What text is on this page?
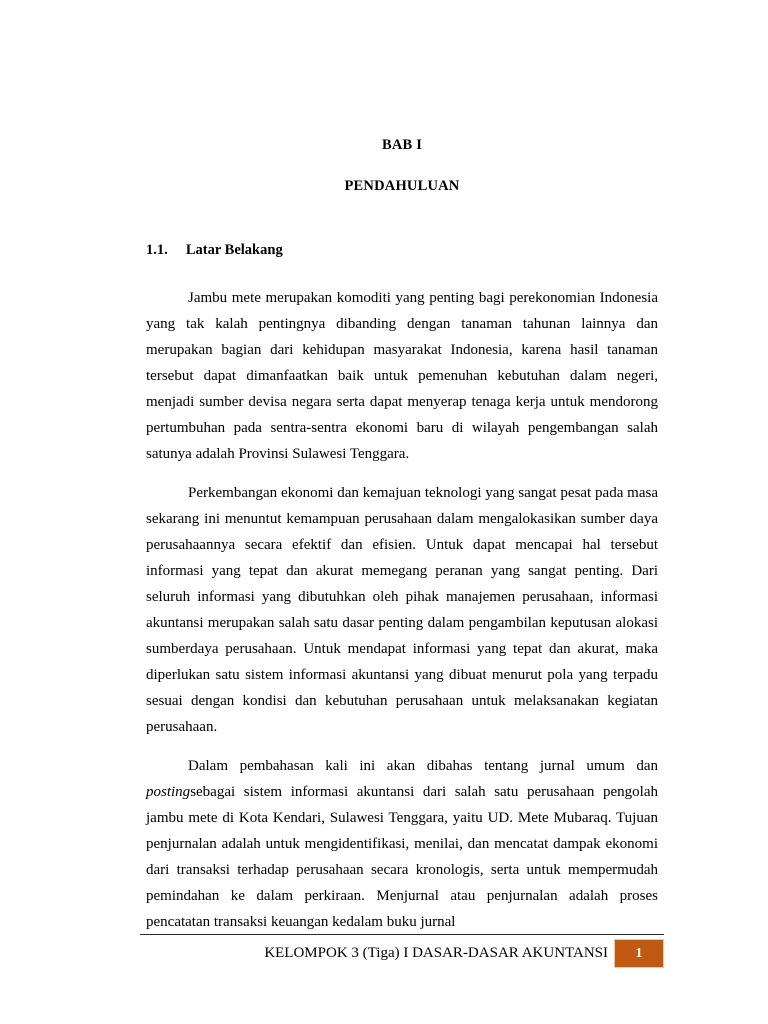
BAB I
PENDAHULUAN
1.1.     Latar Belakang

Jambu mete merupakan komoditi yang penting bagi perekonomian Indonesia yang tak kalah pentingnya dibanding dengan tanaman tahunan lainnya dan merupakan bagian dari kehidupan masyarakat Indonesia, karena hasil tanaman tersebut dapat dimanfaatkan baik untuk pemenuhan kebutuhan dalam negeri, menjadi sumber devisa negara serta dapat menyerap tenaga kerja untuk mendorong pertumbuhan pada sentra-sentra ekonomi baru di wilayah pengembangan salah satunya adalah Provinsi Sulawesi Tenggara.

Perkembangan ekonomi dan kemajuan teknologi yang sangat pesat pada masa sekarang ini menuntut kemampuan perusahaan dalam mengalokasikan sumber daya perusahaannya secara efektif dan efisien. Untuk dapat mencapai hal tersebut informasi yang tepat dan akurat memegang peranan yang sangat penting. Dari seluruh informasi yang dibutuhkan oleh pihak manajemen perusahaan, informasi akuntansi merupakan salah satu dasar penting dalam pengambilan keputusan alokasi sumberdaya perusahaan. Untuk mendapat informasi yang tepat dan akurat, maka diperlukan satu sistem informasi akuntansi yang dibuat menurut pola yang terpadu sesuai dengan kondisi dan kebutuhan perusahaan untuk melaksanakan kegiatan perusahaan.

Dalam pembahasan kali ini akan dibahas tentang jurnal umum dan postingsebagai sistem informasi akuntansi dari salah satu perusahaan pengolah jambu mete di Kota Kendari, Sulawesi Tenggara, yaitu UD. Mete Mubaraq. Tujuan penjurnalan adalah untuk mengidentifikasi, menilai, dan mencatat dampak ekonomi dari transaksi terhadap perusahaan secara kronologis, serta untuk mempermudah pemindahan ke dalam perkiraan. Menjurnal atau penjurnalan adalah proses pencatatan transaksi keuangan kedalam buku jurnal

KELOMPOK 3 (Tiga) I DASAR-DASAR AKUNTANSI	1
